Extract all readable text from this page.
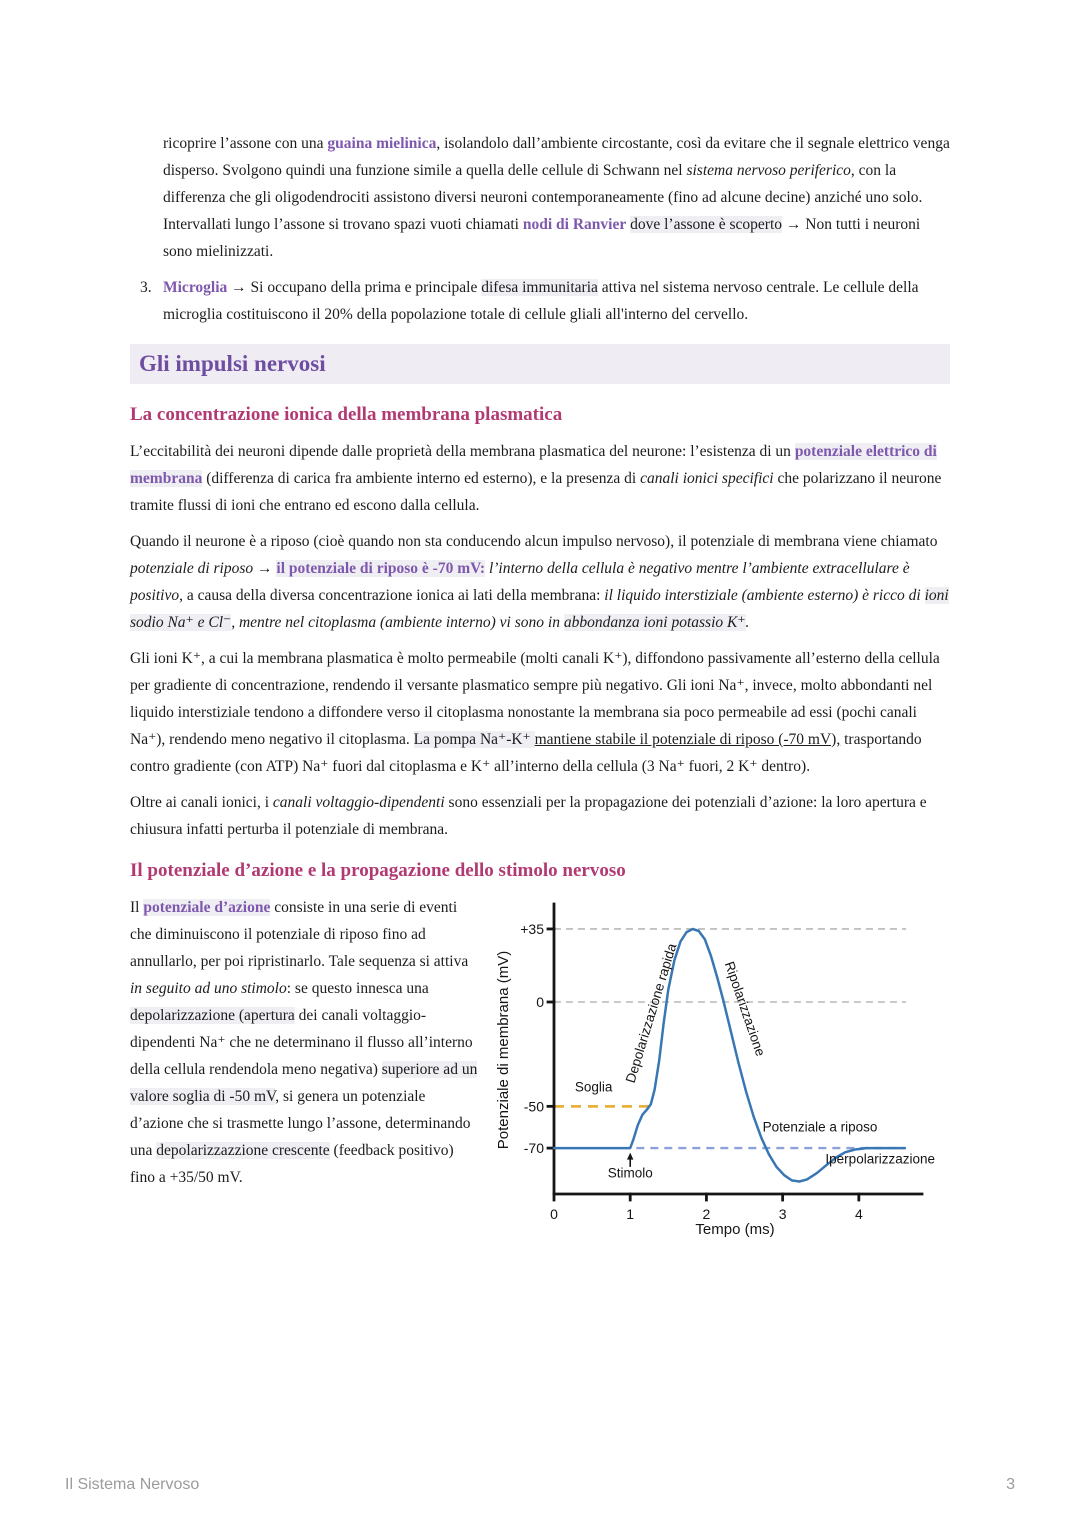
ricoprire l’assone con una guaina mielinica, isolandolo dall’ambiente circostante, così da evitare che il segnale elettrico venga disperso. Svolgono quindi una funzione simile a quella delle cellule di Schwann nel sistema nervoso periferico, con la differenza che gli oligodendrociti assistono diversi neuroni contemporaneamente (fino ad alcune decine) anziché uno solo. Intervallati lungo l’assone si trovano spazi vuoti chiamati nodi di Ranvier dove l’assone è scoperto → Non tutti i neuroni sono mielinizzati.

3. Microglia → Si occupano della prima e principale difesa immunitaria attiva nel sistema nervoso centrale. Le cellule della microglia costituiscono il 20% della popolazione totale di cellule gliali all'interno del cervello.

Gli impulsi nervosi
La concentrazione ionica della membrana plasmatica

L’eccitabilità dei neuroni dipende dalle proprietà della membrana plasmatica del neurone: l’esistenza di un potenziale elettrico di membrana (differenza di carica fra ambiente interno ed esterno), e la presenza di canali ionici specifici che polarizzano il neurone tramite flussi di ioni che entrano ed escono dalla cellula.

Quando il neurone è a riposo (cioè quando non sta conducendo alcun impulso nervoso), il potenziale di membrana viene chiamato potenziale di riposo → il potenziale di riposo è -70 mV: l’interno della cellula è negativo mentre l’ambiente extracellulare è positivo, a causa della diversa concentrazione ionica ai lati della membrana: il liquido interstiziale (ambiente esterno) è ricco di ioni sodio Na⁺ e Cl⁻, mentre nel citoplasma (ambiente interno) vi sono in abbondanza ioni potassio K⁺.

Gli ioni K⁺, a cui la membrana plasmatica è molto permeabile (molti canali K⁺), diffondono passivamente all’esterno della cellula per gradiente di concentrazione, rendendo il versante plasmatico sempre più negativo. Gli ioni Na⁺, invece, molto abbondanti nel liquido interstiziale tendono a diffondere verso il citoplasma nonostante la membrana sia poco permeabile ad essi (pochi canali Na⁺), rendendo meno negativo il citoplasma. La pompa Na⁺-K⁺ mantiene stabile il potenziale di riposo (-70 mV), trasportando contro gradiente (con ATP) Na⁺ fuori dal citoplasma e K⁺ all’interno della cellula (3 Na⁺ fuori, 2 K⁺ dentro).

Oltre ai canali ionici, i canali voltaggio-dipendenti sono essenziali per la propagazione dei potenziali d’azione: la loro apertura e chiusura infatti perturba il potenziale di membrana.

Il potenziale d’azione e la propagazione dello stimolo nervoso

Il potenziale d’azione consiste in una serie di eventi che diminuiscono il potenziale di riposo fino ad annullarlo, per poi ripristinarlo. Tale sequenza si attiva in seguito ad uno stimolo: se questo innesca una depolarizzazione (apertura dei canali voltaggio-dipendenti Na⁺ che ne determinano il flusso all’interno della cellula rendendola meno negativa) superiore ad un valore soglia di -50 mV, si genera un potenziale d’azione che si trasmette lungo l’assone, determinando una depolarizzazzione crescente (feedback positivo) fino a +35/50 mV.

+35
0
-50
-70
0	1	2	3	4
Tempo (ms)
Potenziale di membrana (mV)	Depolarizzazione rapida	Ripolarizzazione
Soglia
Potenziale a riposo
Stimolo
Iperpolarizzazione
Il Sistema Nervoso	3
